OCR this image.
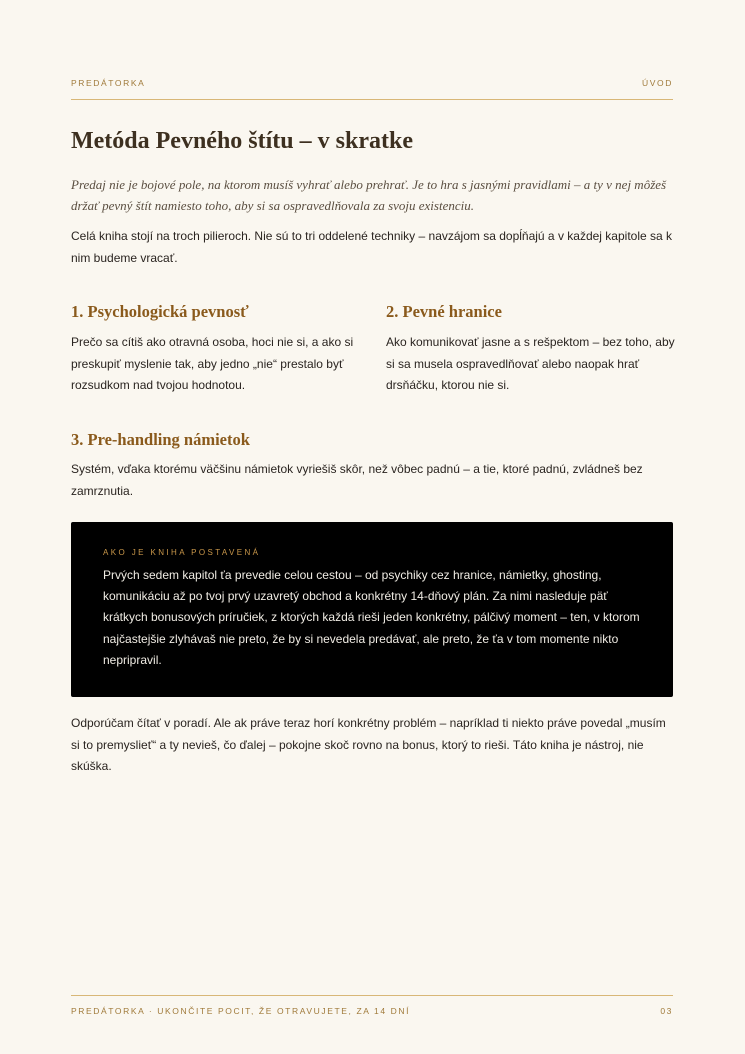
PREDÁTORKA	ÚVOD
Metóda Pevného štítu – v skratke

Predaj nie je bojové pole, na ktorom musíš vyhrať alebo prehrať. Je to hra s jasnými pravidlami – a ty v nej môžeš držať pevný štít namiesto toho, aby si sa ospravedlňovala za svoju existenciu.

Celá kniha stojí na troch pilieroch. Nie sú to tri oddelené techniky – navzájom sa dopĺňajú a v každej kapitole sa k nim budeme vracať.

1. Psychologická pevnosť

Prečo sa cítiš ako otravná osoba, hoci nie si, a ako si preskupiť myslenie tak, aby jedno „nie“ prestalo byť rozsudkom nad tvojou hodnotou.

2. Pevné hranice

Ako komunikovať jasne a s rešpektom – bez toho, aby si sa musela ospravedlňovať alebo naopak hrať drsňáčku, ktorou nie si.

3. Pre-handling námietok

Systém, vďaka ktorému väčšinu námietok vyriešiš skôr, než vôbec padnú – a tie, ktoré padnú, zvládneš bez zamrznutia.

AKO JE KNIHA POSTAVENÁ
Prvých sedem kapitol ťa prevedie celou cestou – od psychiky cez hranice, námietky, ghosting, komunikáciu až po tvoj prvý uzavretý obchod a konkrétny 14-dňový plán. Za nimi nasleduje päť krátkych bonusových príručiek, z ktorých každá rieši jeden konkrétny, pálčivý moment – ten, v ktorom najčastejšie zlyhávaš nie preto, že by si nevedela predávať, ale preto, že ťa v tom momente nikto nepripravil.

Odporúčam čítať v poradí. Ale ak práve teraz horí konkrétny problém – napríklad ti niekto práve povedal „musím si to premyslieť“ a ty nevieš, čo ďalej – pokojne skoč rovno na bonus, ktorý to rieši. Táto kniha je nástroj, nie skúška.

PREDÁTORKA · UKONČITE POCIT, ŽE OTRAVUJETE, ZA 14 DNÍ	03
